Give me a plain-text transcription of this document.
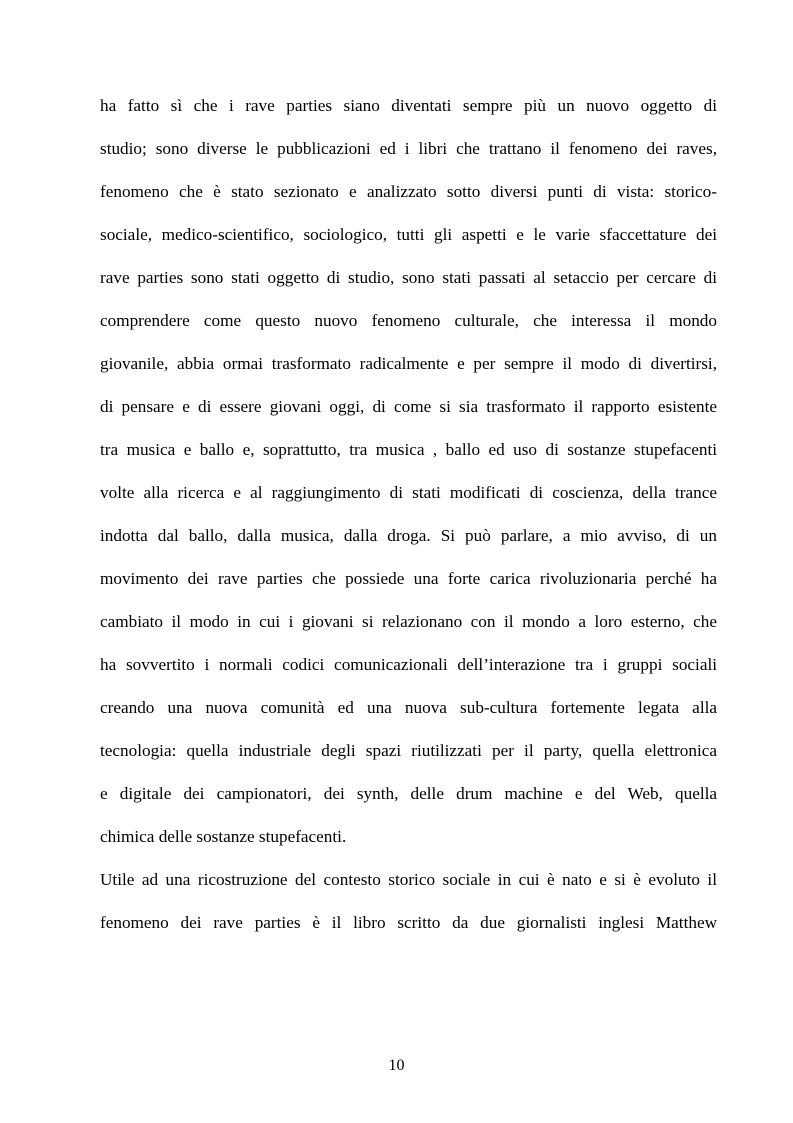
ha fatto sì che i rave parties siano diventati sempre più un nuovo oggetto di
studio; sono diverse le pubblicazioni ed i libri che trattano il fenomeno dei raves,
fenomeno che è stato sezionato e analizzato sotto diversi punti di vista: storico-
sociale, medico-scientifico, sociologico, tutti gli aspetti e le varie sfaccettature dei
rave parties sono stati oggetto di studio, sono stati passati al setaccio per cercare di
comprendere come questo nuovo fenomeno culturale, che interessa il mondo
giovanile, abbia ormai trasformato radicalmente e per sempre il modo di divertirsi,
di pensare e di essere giovani oggi, di come si sia trasformato il rapporto esistente
tra musica e ballo e, soprattutto, tra musica , ballo ed uso di sostanze stupefacenti
volte alla ricerca e al raggiungimento di stati modificati di coscienza, della trance
indotta dal ballo, dalla musica, dalla droga. Si può parlare, a mio avviso, di un
movimento dei rave parties che possiede una forte carica rivoluzionaria perché ha
cambiato il modo in cui i giovani si relazionano con il mondo a loro esterno, che
ha sovvertito i normali codici comunicazionali dell’interazione tra i gruppi sociali
creando una nuova comunità ed una nuova sub-cultura fortemente legata alla
tecnologia: quella industriale degli spazi riutilizzati per il party, quella elettronica
e digitale dei campionatori, dei synth, delle drum machine e del Web, quella
chimica delle sostanze stupefacenti.
Utile ad una ricostruzione del contesto storico sociale in cui è nato e si è evoluto il
fenomeno dei rave parties è il libro scritto da due giornalisti inglesi Matthew
10
